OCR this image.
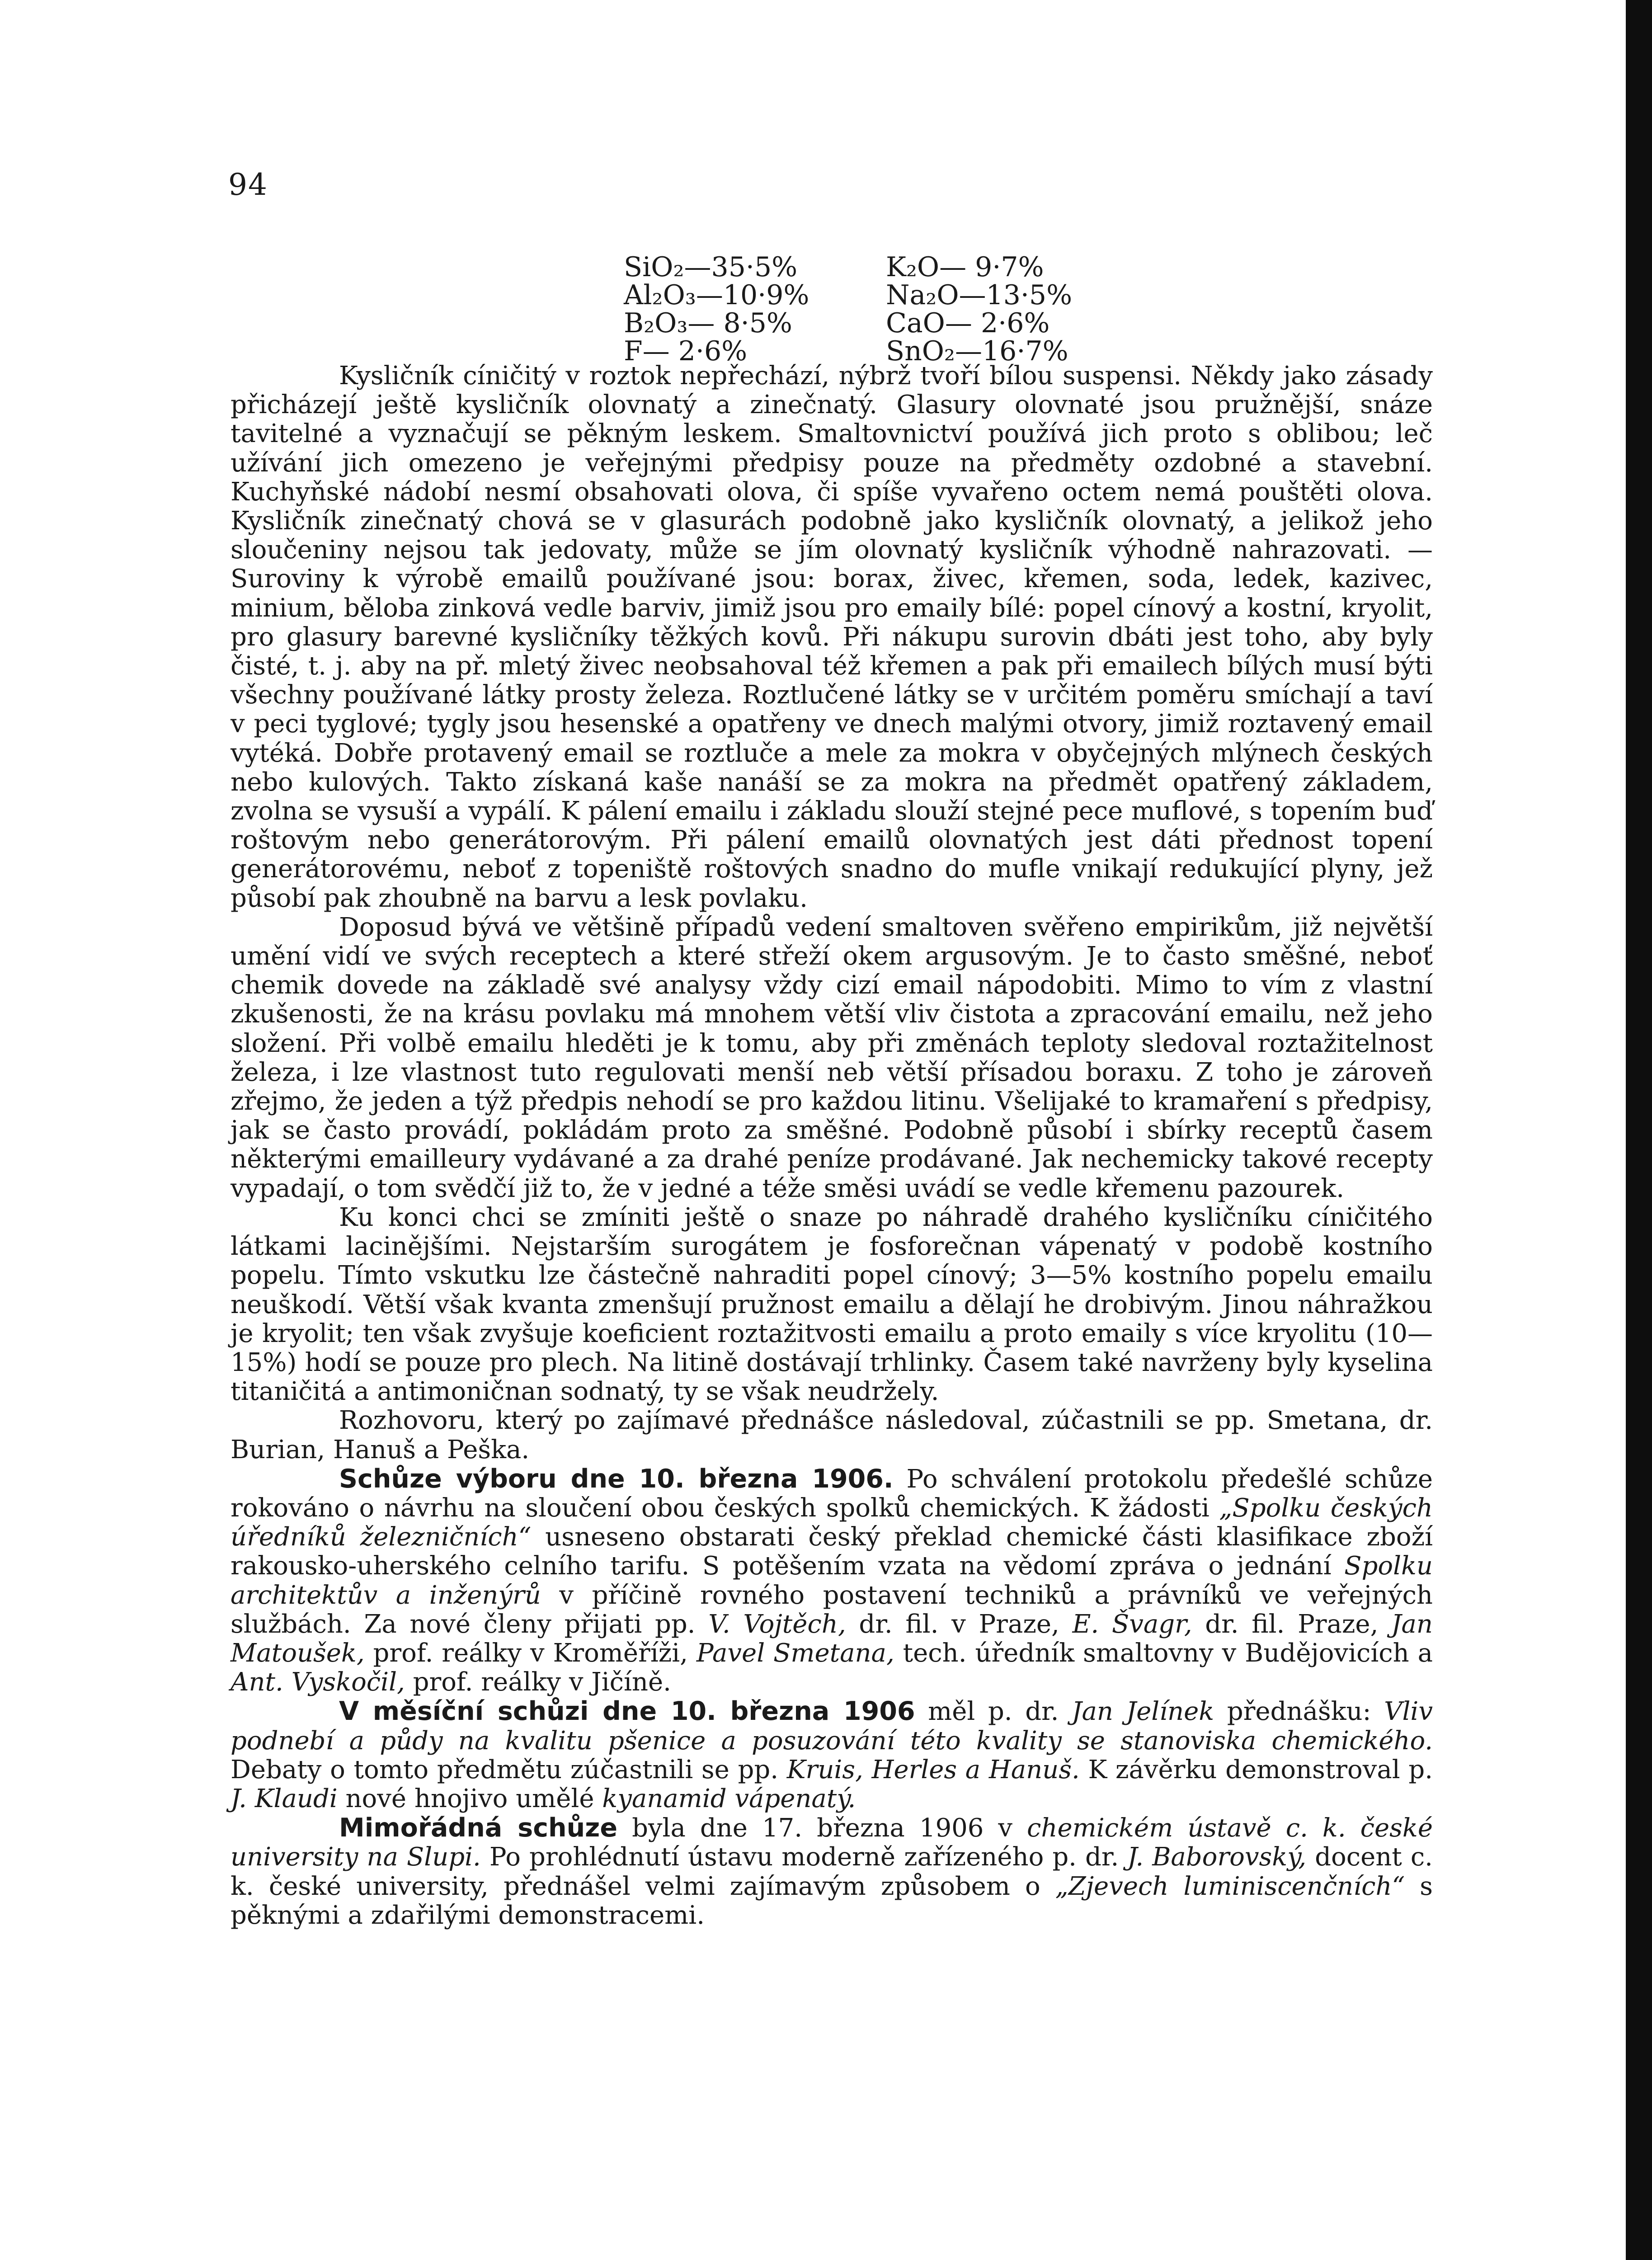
94
SiO₂—35·5%	K₂O— 9·7%
Al₂O₃—10·9%	Na₂O—13·5%
B₂O₃— 8·5%	CaO— 2·6%
F— 2·6%	SnO₂—16·7%

Kysličník cíničitý v roztok nepřechází, nýbrž tvoří bílou suspensi. Někdy jako zásady přicházejí ještě kysličník olovnatý a zinečnatý. Glasury olovnaté jsou pružnější, snáze tavitelné a vyznačují se pěkným leskem. Smaltovnictví používá jich proto s oblibou; leč užívání jich omezeno je veřejnými předpisy pouze na předměty ozdobné a stavební. Kuchyňské nádobí nesmí obsahovati olova, či spíše vyvařeno octem nemá pouštěti olova. Kysličník zinečnatý chová se v glasurách podobně jako kysličník olovnatý, a jelikož jeho sloučeniny nejsou tak jedovaty, může se jím olovnatý kysličník výhodně nahrazovati. — Suroviny k výrobě emailů používané jsou: borax, živec, křemen, soda, ledek, kazivec, minium, běloba zinková vedle barviv, jimiž jsou pro emaily bílé: popel cínový a kostní, kryolit, pro glasury barevné kysličníky těžkých kovů. Při nákupu surovin dbáti jest toho, aby byly čisté, t. j. aby na př. mletý živec neobsahoval též křemen a pak při emailech bílých musí býti všechny používané látky prosty železa. Roztlučené látky se v určitém poměru smíchají a taví v peci tyglové; tygly jsou hesenské a opatřeny ve dnech malými otvory, jimiž roztavený email vytéká. Dobře protavený email se roztluče a mele za mokra v obyčejných mlýnech českých nebo kulových. Takto získaná kaše nanáší se za mokra na předmět opatřený základem, zvolna se vysuší a vypálí. K pálení emailu i základu slouží stejné pece muflové, s topením buď roštovým nebo generátorovým. Při pálení emailů olovnatých jest dáti přednost topení generátorovému, neboť z topeniště roštových snadno do mufle vnikají redukující plyny, jež působí pak zhoubně na barvu a lesk povlaku.

Doposud bývá ve většině případů vedení smaltoven svěřeno empirikům, již největší umění vidí ve svých receptech a které střeží okem argusovým. Je to často směšné, neboť chemik dovede na základě své analysy vždy cizí email nápodobiti. Mimo to vím z vlastní zkušenosti, že na krásu povlaku má mnohem větší vliv čistota a zpracování emailu, než jeho složení. Při volbě emailu hleděti je k tomu, aby při změnách teploty sledoval roztažitelnost železa, i lze vlastnost tuto regulovati menší neb větší přísadou boraxu. Z toho je zároveň zřejmo, že jeden a týž předpis nehodí se pro každou litinu. Všelijaké to kramaření s předpisy, jak se často provádí, pokládám proto za směšné. Podobně působí i sbírky receptů časem některými emailleury vydávané a za drahé peníze prodávané. Jak nechemicky takové recepty vypadají, o tom svědčí již to, že v jedné a téže směsi uvádí se vedle křemenu pazourek.

Ku konci chci se zmíniti ještě o snaze po náhradě drahého kysličníku cíničitého látkami lacinějšími. Nejstarším surogátem je fosforečnan vápenatý v podobě kostního popelu. Tímto vskutku lze částečně nahraditi popel cínový; 3—5% kostního popelu emailu neuškodí. Větší však kvanta zmenšují pružnost emailu a dělají he drobivým. Jinou náhražkou je kryolit; ten však zvyšuje koeficient roztažitvosti emailu a proto emaily s více kryolitu (10—15%) hodí se pouze pro plech. Na litině dostávají trhlinky. Časem také navrženy byly kyselina titaničitá a antimoničnan sodnatý, ty se však neudržely.

Rozhovoru, který po zajímavé přednášce následoval, zúčastnili se pp. Smetana, dr. Burian, Hanuš a Peška.

Schůze výboru dne 10. března 1906. Po schválení protokolu předešlé schůze rokováno o návrhu na sloučení obou českých spolků chemických. K žádosti „Spolku českých úředníků železničních“ usneseno obstarati český překlad chemické části klasifikace zboží rakousko-uherského celního tarifu. S potěšením vzata na vědomí zpráva o jednání Spolku architektův a inženýrů v příčině rovného postavení techniků a právníků ve veřejných službách. Za nové členy přijati pp. V. Vojtěch, dr. fil. v Praze, E. Švagr, dr. fil. Praze, Jan Matoušek, prof. reálky v Kroměříži, Pavel Smetana, tech. úředník smaltovny v Budějovicích a Ant. Vyskočil, prof. reálky v Jičíně.

V měsíční schůzi dne 10. března 1906 měl p. dr. Jan Jelínek přednášku: Vliv podnebí a půdy na kvalitu pšenice a posuzování této kvality se stanoviska chemického. Debaty o tomto předmětu zúčastnili se pp. Kruis, Herles a Hanuš. K závěrku demonstroval p. J. Klaudi nové hnojivo umělé kyanamid vápenatý.

Mimořádná schůze byla dne 17. března 1906 v chemickém ústavě c. k. české university na Slupi. Po prohlédnutí ústavu moderně zařízeného p. dr. J. Baborovský, docent c. k. české university, přednášel velmi zajímavým způsobem o „Zjevech luminiscenčních“ s pěknými a zdařilými demonstracemi.
